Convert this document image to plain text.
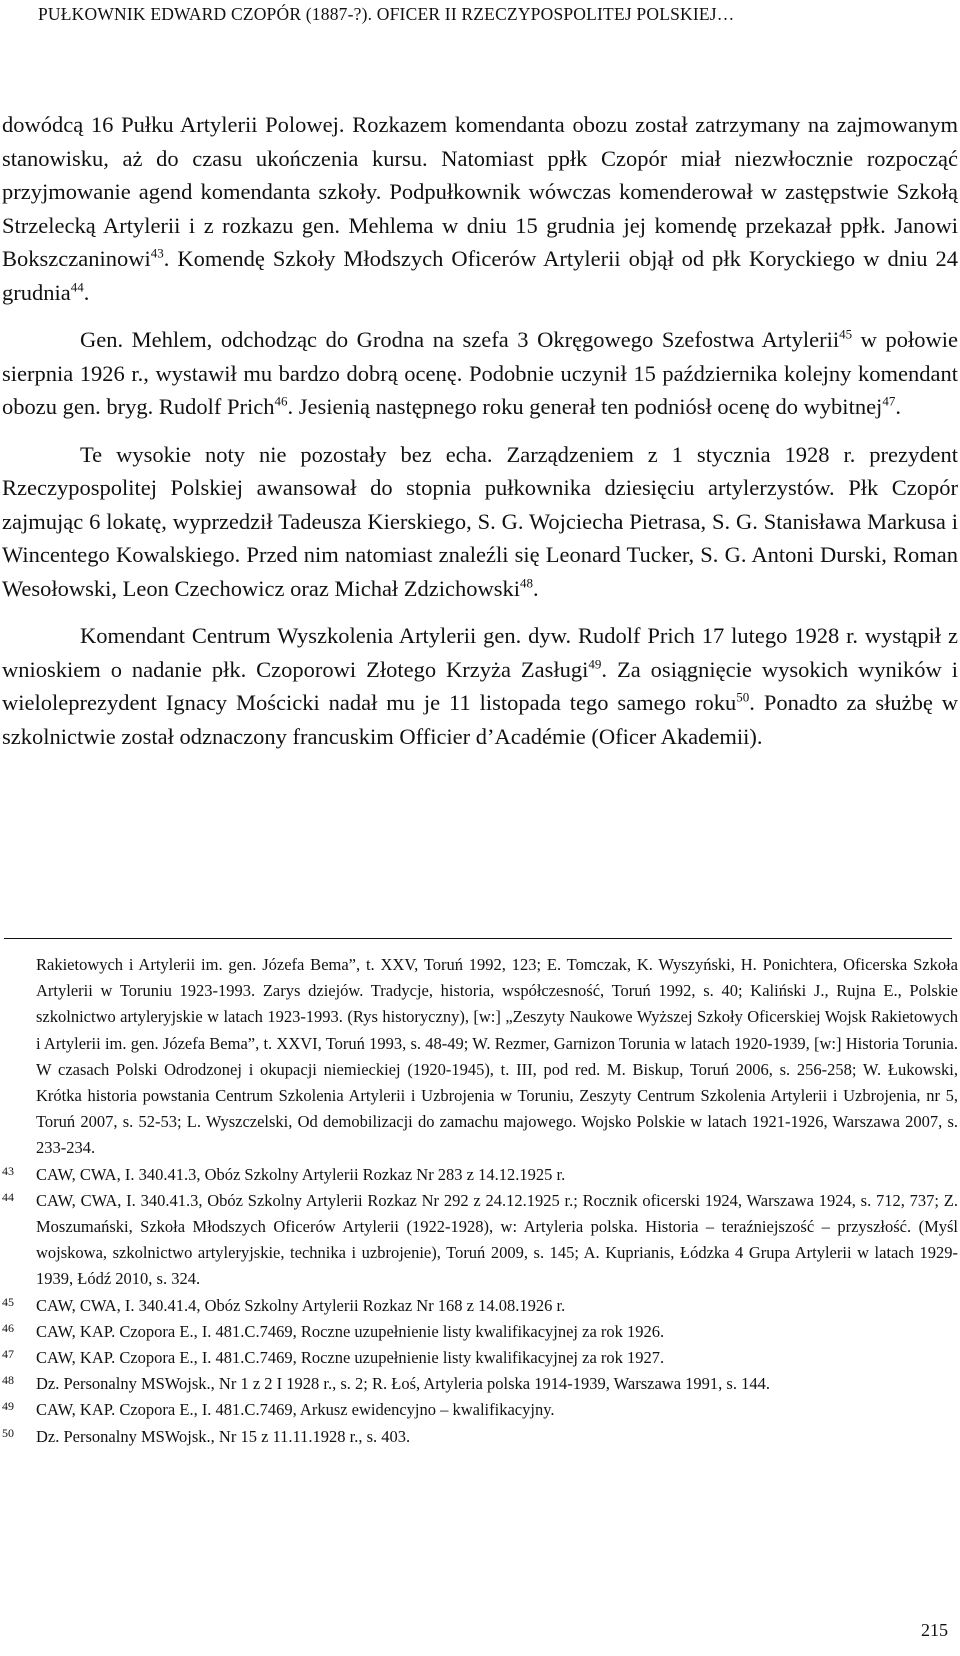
PUŁKOWNIK EDWARD CZOPÓR (1887-?). OFICER II RZECZYPOSPOLITEJ POLSKIEJ…

dowódcą 16 Pułku Artylerii Polowej. Rozkazem komendanta obozu został zatrzymany na zajmowanym stanowisku, aż do czasu ukończenia kursu. Natomiast ppłk Czopór miał niezwłocznie rozpocząć przyjmowanie agend komendanta szkoły. Podpułkownik wówczas komenderował w zastępstwie Szkołą Strzelecką Artylerii i z rozkazu gen. Mehlema w dniu 15 grudnia jej komendę przekazał ppłk. Janowi Bokszczaninowi$^{43}$. Komendę Szkoły Młodszych Oficerów Artylerii objął od płk Koryckiego w dniu 24 grudnia$^{44}$.

Gen. Mehlem, odchodząc do Grodna na szefa 3 Okręgowego Szefostwa Artylerii$^{45}$ w połowie sierpnia 1926 r., wystawił mu bardzo dobrą ocenę. Podobnie uczynił 15 października kolejny komendant obozu gen. bryg. Rudolf Prich$^{46}$. Jesienią następnego roku generał ten podniósł ocenę do wybitnej$^{47}$.

Te wysokie noty nie pozostały bez echa. Zarządzeniem z 1 stycznia 1928 r. prezydent Rzeczypospolitej Polskiej awansował do stopnia pułkownika dziesięciu artylerzystów. Płk Czopór zajmując 6 lokatę, wyprzedził Tadeusza Kierskiego, S. G. Wojciecha Pietrasa, S. G. Stanisława Markusa i Wincentego Kowalskiego. Przed nim natomiast znaleźli się Leonard Tucker, S. G. Antoni Durski, Roman Wesołowski, Leon Czechowicz oraz Michał Zdzichowski$^{48}$.

Komendant Centrum Wyszkolenia Artylerii gen. dyw. Rudolf Prich 17 lutego 1928 r. wystąpił z wnioskiem o nadanie płk. Czoporowi Złotego Krzyża Zasługi$^{49}$. Za osiągnięcie wysokich wyników i wieloleprezydent Ignacy Mościcki nadał mu je 11 listopada tego samego roku$^{50}$. Ponadto za służbę w szkolnictwie został odznaczony francuskim Officier d’Académie (Oficer Akademii).

Rakietowych i Artylerii im. gen. Józefa Bema”, t. XXV, Toruń 1992, 123; E. Tomczak, K. Wyszyński, H. Ponichtera, Oficerska Szkoła Artylerii w Toruniu 1923-1993. Zarys dziejów. Tradycje, historia, współczesność, Toruń 1992, s. 40; Kaliński J., Rujna E., Polskie szkolnictwo artyleryjskie w latach 1923-1993. (Rys historyczny), [w:] „Zeszyty Naukowe Wyższej Szkoły Oficerskiej Wojsk Rakietowych i Artylerii im. gen. Józefa Bema”, t. XXVI, Toruń 1993, s. 48-49; W. Rezmer, Garnizon Torunia w latach 1920-1939, [w:] Historia Torunia. W czasach Polski Odrodzonej i okupacji niemieckiej (1920-1945), t. III, pod red. M. Biskup, Toruń 2006, s. 256-258; W. Łukowski, Krótka historia powstania Centrum Szkolenia Artylerii i Uzbrojenia w Toruniu, Zeszyty Centrum Szkolenia Artylerii i Uzbrojenia, nr 5, Toruń 2007, s. 52-53; L. Wyszczelski, Od demobilizacji do zamachu majowego. Wojsko Polskie w latach 1921-1926, Warszawa 2007, s. 233-234.
43 CAW, CWA, I. 340.41.3, Obóz Szkolny Artylerii Rozkaz Nr 283 z 14.12.1925 r.
44 CAW, CWA, I. 340.41.3, Obóz Szkolny Artylerii Rozkaz Nr 292 z 24.12.1925 r.; Rocznik oficerski 1924, Warszawa 1924, s. 712, 737; Z. Moszumański, Szkoła Młodszych Oficerów Artylerii (1922-1928), w: Artyleria polska. Historia – teraźniejszość – przyszłość. (Myśl wojskowa, szkolnictwo artyleryjskie, technika i uzbrojenie), Toruń 2009, s. 145; A. Kuprianis, Łódzka 4 Grupa Artylerii w latach 1929-1939, Łódź 2010, s. 324.
45 CAW, CWA, I. 340.41.4, Obóz Szkolny Artylerii Rozkaz Nr 168 z 14.08.1926 r.
46 CAW, KAP. Czopora E., I. 481.C.7469, Roczne uzupełnienie listy kwalifikacyjnej za rok 1926.
47 CAW, KAP. Czopora E., I. 481.C.7469, Roczne uzupełnienie listy kwalifikacyjnej za rok 1927.
48 Dz. Personalny MSWojsk., Nr 1 z 2 I 1928 r., s. 2; R. Łoś, Artyleria polska 1914-1939, Warszawa 1991, s. 144.
49 CAW, KAP. Czopora E., I. 481.C.7469, Arkusz ewidencyjno – kwalifikacyjny.
50 Dz. Personalny MSWojsk., Nr 15 z 11.11.1928 r., s. 403.
215
